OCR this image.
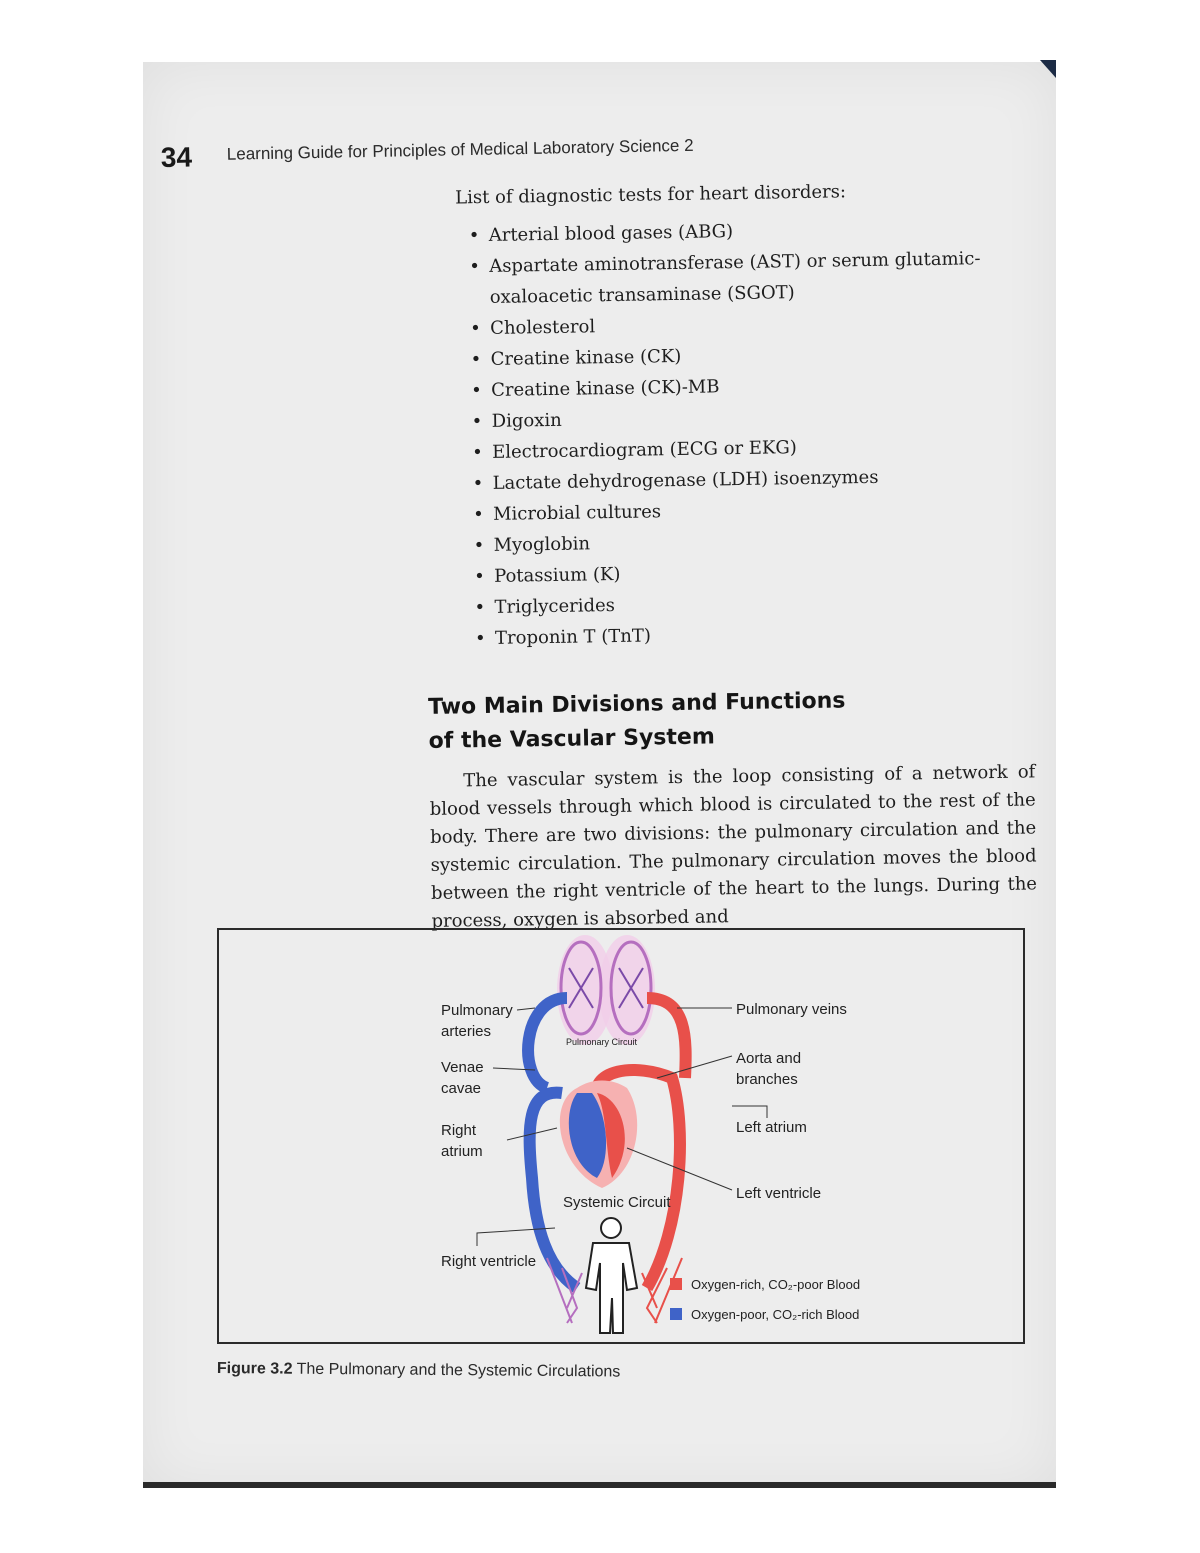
34 Learning Guide for Principles of Medical Laboratory Science 2
List of diagnostic tests for heart disorders:
• Arterial blood gases (ABG)
• Aspartate aminotransferase (AST) or serum glutamic-oxaloacetic transaminase (SGOT)
• Cholesterol
• Creatine kinase (CK)
• Creatine kinase (CK)-MB
• Digoxin
• Electrocardiogram (ECG or EKG)
• Lactate dehydrogenase (LDH) isoenzymes
• Microbial cultures
• Myoglobin
• Potassium (K)
• Triglycerides
• Troponin T (TnT)
Two Main Divisions and Functions of the Vascular System

The vascular system is the loop consisting of a network of blood vessels through which blood is circulated to the rest of the body. There are two divisions: the pulmonary circulation and the systemic circulation. The pulmonary circulation moves the blood between the right ventricle of the heart to the lungs. During the process, oxygen is absorbed and

Pulmonary
arteries
Venae
cavae
Right
atrium
Right ventricle
Pulmonary veins
Aorta and
branches
Left atrium
Left ventricle
Pulmonary Circuit
Systemic Circuit
Oxygen-rich, CO₂-poor Blood
Oxygen-poor, CO₂-rich Blood
Figure 3.2 The Pulmonary and the Systemic Circulations
